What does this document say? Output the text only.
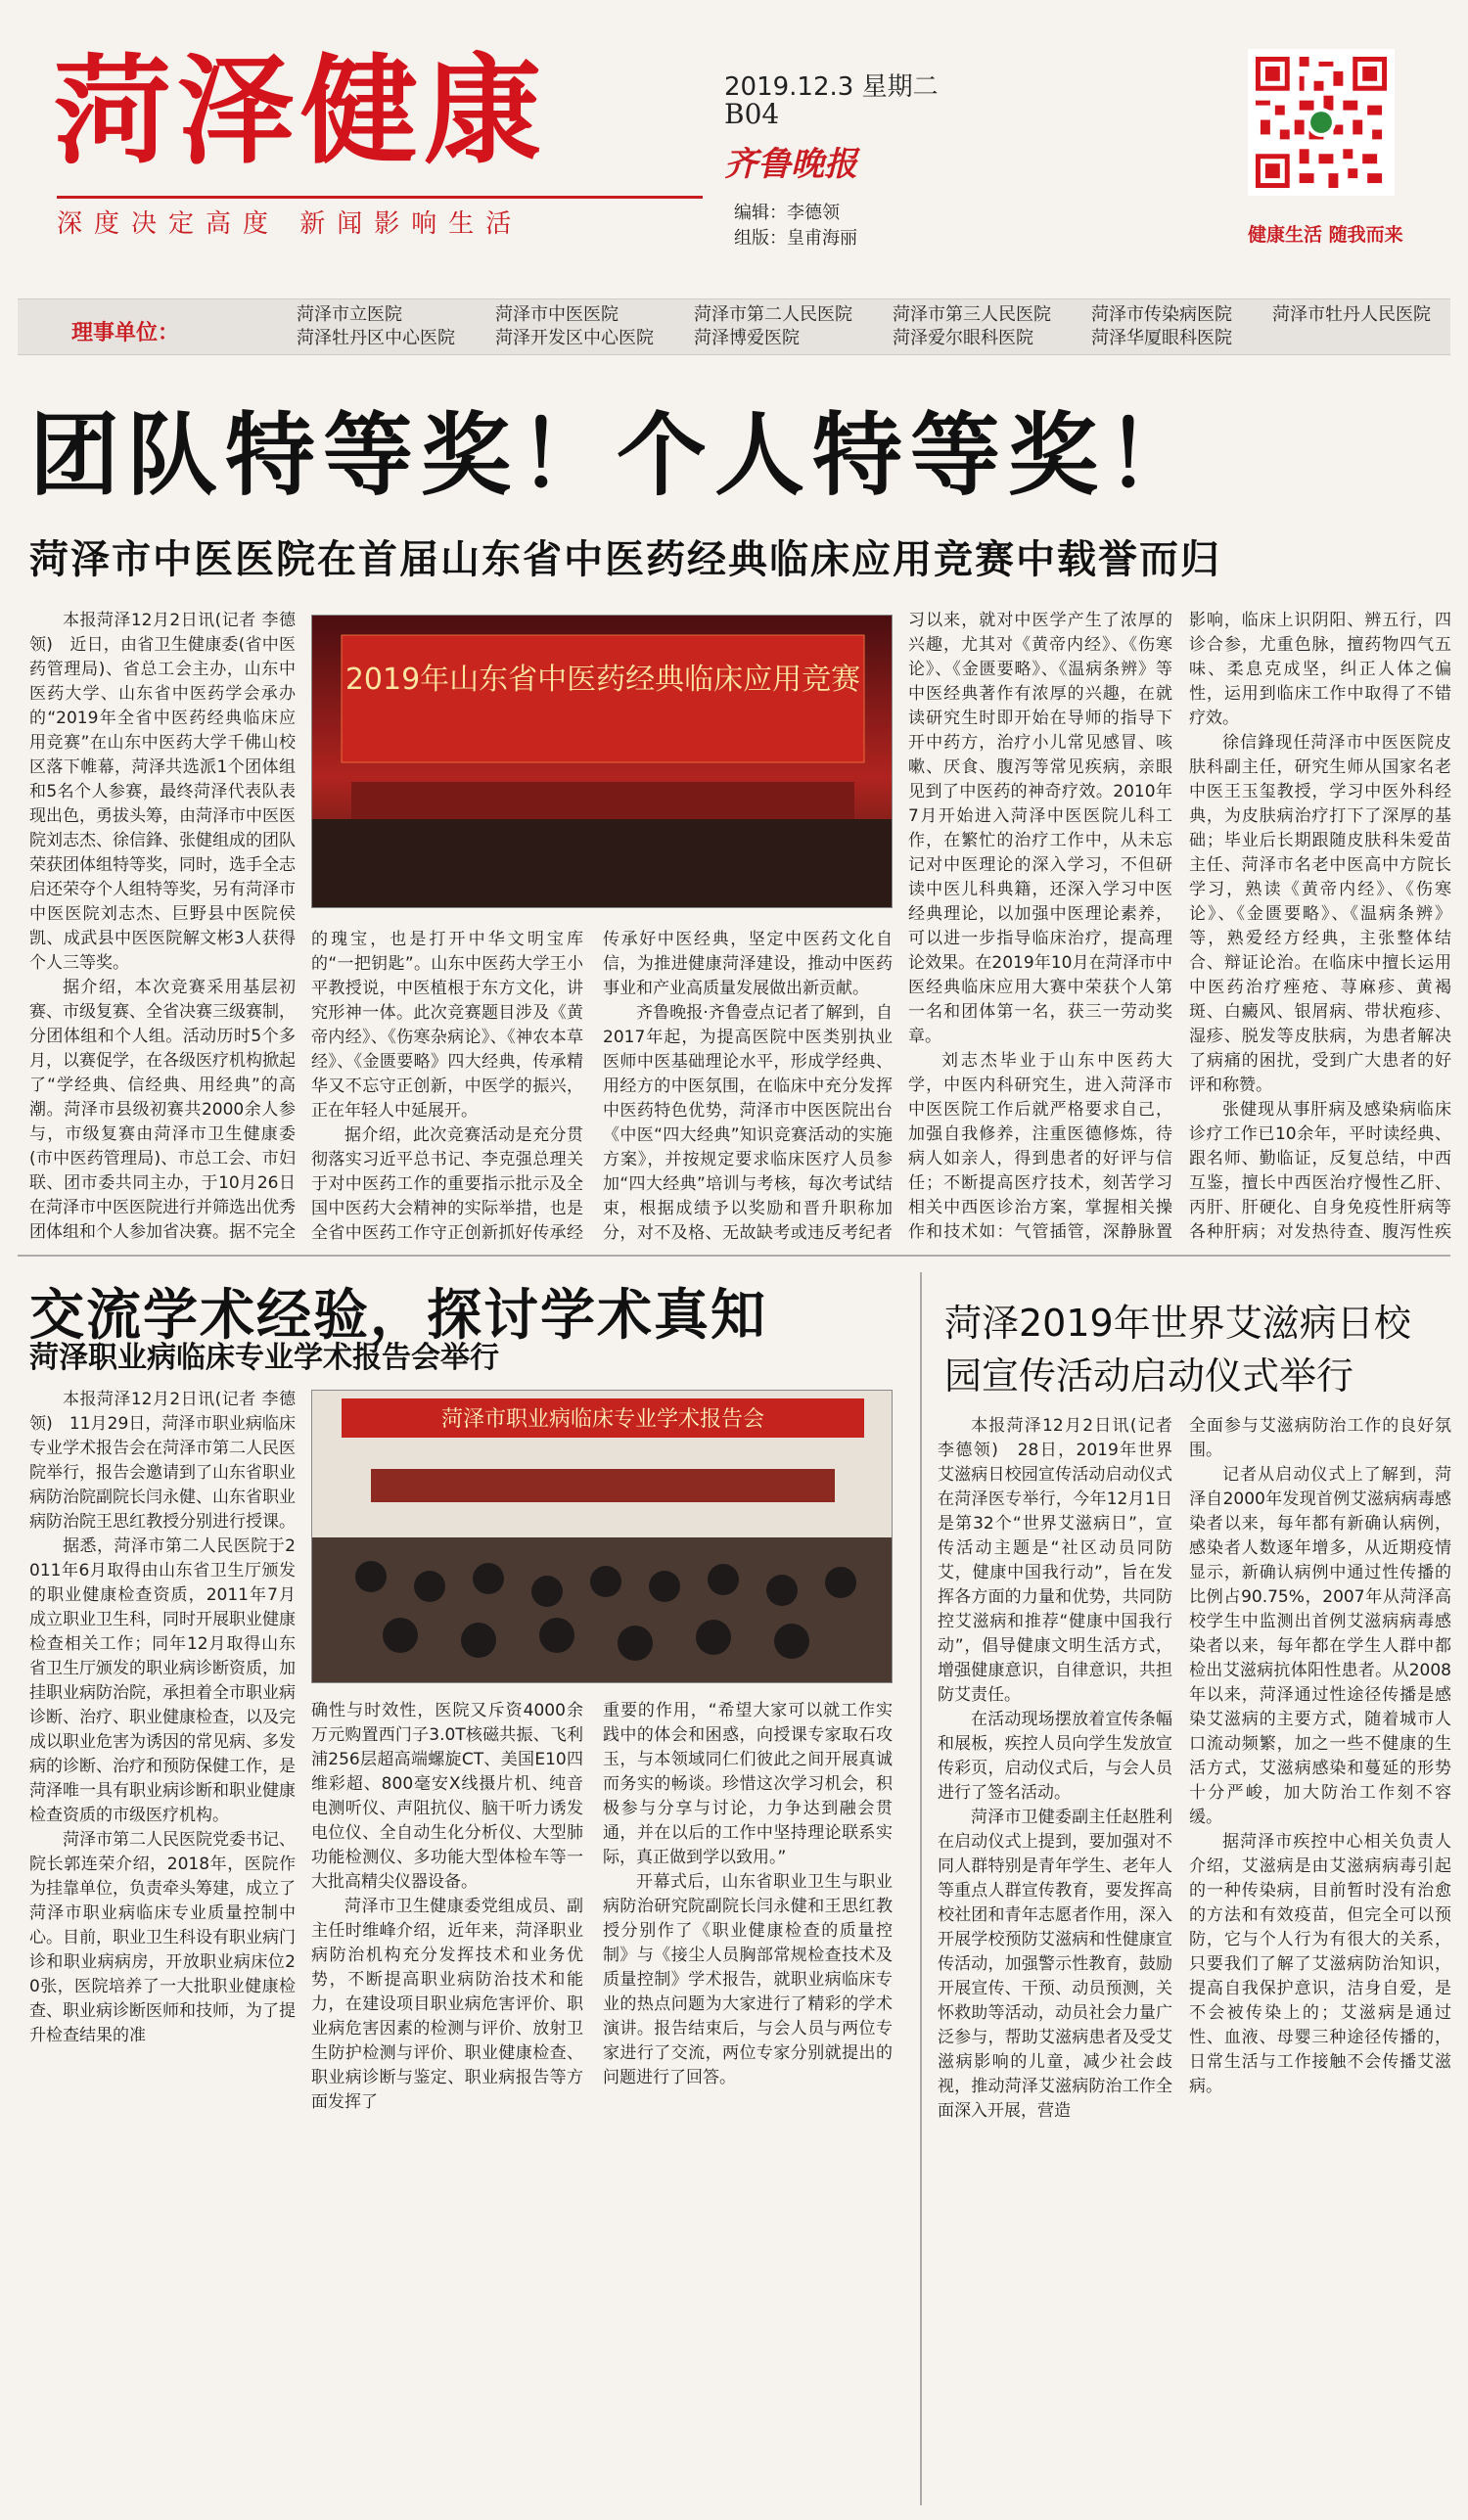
菏泽健康
深度决定高度 新闻影响生活
2019.12.3 星期二
B04
齐鲁晚报
编辑：李德领
组版：皇甫海丽	健康生活 随我而来
理事单位：
菏泽市立医院	菏泽市中医医院	菏泽市第二人民医院	菏泽市第三人民医院	菏泽市传染病医院	菏泽市牡丹人民医院
菏泽牡丹区中心医院	菏泽开发区中心医院	菏泽博爱医院	菏泽爱尔眼科医院	菏泽华厦眼科医院
团队特等奖！个人特等奖！
菏泽市中医医院在首届山东省中医药经典临床应用竞赛中载誉而归

本报菏泽12月2日讯(记者 李德领)　近日，由省卫生健康委(省中医药管理局)、省总工会主办，山东中医药大学、山东省中医药学会承办的“2019年全省中医药经典临床应用竞赛”在山东中医药大学千佛山校区落下帷幕，菏泽共选派1个团体组和5名个人参赛，最终菏泽代表队表现出色，勇拔头筹，由菏泽市中医医院刘志杰、徐信鋒、张健组成的团队荣获团体组特等奖，同时，选手全志启还荣夺个人组特等奖，另有菏泽市中医医院刘志杰、巨野县中医院侯凯、成武县中医医院解文彬3人获得个人三等奖。

据介绍，本次竞赛采用基层初赛、市级复赛、全省决赛三级赛制，分团体组和个人组。活动历时5个多月，以赛促学，在各级医疗机构掀起了“学经典、信经典、用经典”的高潮。菏泽市县级初赛共2000余人参与，市级复赛由菏泽市卫生健康委(市中医药管理局)、市总工会、市妇联、团市委共同主办，于10月26日在菏泽市中医医院进行并筛选出优秀团体组和个人参加省决赛。据不完全

2019年山东省中医药经典临床应用竞赛

的瑰宝，也是打开中华文明宝库的“一把钥匙”。山东中医药大学王小平教授说，中医植根于东方文化，讲究形神一体。此次竞赛题目涉及《黄帝内经》、《伤寒杂病论》、《神农本草经》、《金匮要略》四大经典，传承精华又不忘守正创新，中医学的振兴，正在年轻人中延展开。

据介绍，此次竞赛活动是充分贯彻落实习近平总书记、李克强总理关于对中医药工作的重要指示批示及全国中医药大会精神的实际举措，也是全省中医药工作守正创新抓好传承经

传承好中医经典，坚定中医药文化自信，为推进健康菏泽建设，推动中医药事业和产业高质量发展做出新贡献。

齐鲁晚报·齐鲁壹点记者了解到，自2017年起，为提高医院中医类别执业医师中医基础理论水平，形成学经典、用经方的中医氛围，在临床中充分发挥中医药特色优势，菏泽市中医医院出台《中医“四大经典”知识竞赛活动的实施方案》，并按规定要求临床医疗人员参加“四大经典”培训与考核，每次考试结束，根据成绩予以奖励和晋升职称加分，对不及格、无故缺考或违反考纪者

习以来，就对中医学产生了浓厚的兴趣，尤其对《黄帝内经》、《伤寒论》、《金匮要略》、《温病条辨》等中医经典著作有浓厚的兴趣，在就读研究生时即开始在导师的指导下开中药方，治疗小儿常见感冒、咳嗽、厌食、腹泻等常见疾病，亲眼见到了中医药的神奇疗效。2010年7月开始进入菏泽中医医院儿科工作，在繁忙的治疗工作中，从未忘记对中医理论的深入学习，不但研读中医儿科典籍，还深入学习中医经典理论，以加强中医理论素养，可以进一步指导临床治疗，提高理论效果。在2019年10月在菏泽市中医经典临床应用大赛中荣获个人第一名和团体第一名，获三一劳动奖章。

刘志杰毕业于山东中医药大学，中医内科研究生，进入菏泽市中医医院工作后就严格要求自己，加强自我修养，注重医德修炼，待病人如亲人，得到患者的好评与信任；不断提高医疗技术，刻苦学习相关中西医诊治方案，掌握相关操作和技术如：气管插管，深静脉置

影响，临床上识阴阳、辨五行，四诊合参，尤重色脉，擅药物四气五味、柔息克成坚，纠正人体之偏性，运用到临床工作中取得了不错疗效。

徐信鋒现任菏泽市中医医院皮肤科副主任，研究生师从国家名老中医王玉玺教授，学习中医外科经典，为皮肤病治疗打下了深厚的基础；毕业后长期跟随皮肤科朱爱苗主任、菏泽市名老中医高中方院长学习，熟读《黄帝内经》、《伤寒论》、《金匮要略》、《温病条辨》等，熟爱经方经典，主张整体结合、辩证论治。在临床中擅长运用中医药治疗痤疮、荨麻疹、黄褐斑、白癜风、银屑病、带状疱疹、湿疹、脱发等皮肤病，为患者解决了病痛的困扰，受到广大患者的好评和称赞。

张健现从事肝病及感染病临床诊疗工作已10余年，平时读经典、跟名师、勤临证，反复总结，中西互鉴，擅长中西医治疗慢性乙肝、丙肝、肝硬化、自身免疫性肝病等各种肝病；对发热待查、腹泻性疾

交流学术经验，探讨学术真知
菏泽职业病临床专业学术报告会举行

本报菏泽12月2日讯(记者 李德领)　11月29日，菏泽市职业病临床专业学术报告会在菏泽市第二人民医院举行，报告会邀请到了山东省职业病防治院副院长闫永健、山东省职业病防治院王思红教授分别进行授课。

据悉，菏泽市第二人民医院于2011年6月取得由山东省卫生厅颁发的职业健康检查资质，2011年7月成立职业卫生科，同时开展职业健康检查相关工作；同年12月取得山东省卫生厅颁发的职业病诊断资质，加挂职业病防治院，承担着全市职业病诊断、治疗、职业健康检查，以及完成以职业危害为诱因的常见病、多发病的诊断、治疗和预防保健工作，是菏泽唯一具有职业病诊断和职业健康检查资质的市级医疗机构。

菏泽市第二人民医院党委书记、院长郭连荣介绍，2018年，医院作为挂靠单位，负责牵头筹建，成立了菏泽市职业病临床专业质量控制中心。目前，职业卫生科设有职业病门诊和职业病病房，开放职业病床位20张，医院培养了一大批职业健康检查、职业病诊断医师和技师，为了提升检查结果的准

菏泽市职业病临床专业学术报告会

确性与时效性，医院又斥资4000余万元购置西门子3.0T核磁共振、飞利浦256层超高端螺旋CT、美国E10四维彩超、800毫安X线摄片机、纯音电测听仪、声阻抗仪、脑干听力诱发电位仪、全自动生化分析仪、大型肺功能检测仪、多功能大型体检车等一大批高精尖仪器设备。

菏泽市卫生健康委党组成员、副主任时维峰介绍，近年来，菏泽职业病防治机构充分发挥技术和业务优势，不断提高职业病防治技术和能力，在建设项目职业病危害评价、职业病危害因素的检测与评价、放射卫生防护检测与评价、职业健康检查、职业病诊断与鉴定、职业病报告等方面发挥了

重要的作用，“希望大家可以就工作实践中的体会和困惑，向授课专家取石攻玉，与本领域同仁们彼此之间开展真诚而务实的畅谈。珍惜这次学习机会，积极参与分享与讨论，力争达到融会贯通，并在以后的工作中坚持理论联系实际，真正做到学以致用。”

开幕式后，山东省职业卫生与职业病防治研究院副院长闫永健和王思红教授分别作了《职业健康检查的质量控制》与《接尘人员胸部常规检查技术及质量控制》学术报告，就职业病临床专业的热点问题为大家进行了精彩的学术演讲。报告结束后，与会人员与两位专家进行了交流，两位专家分别就提出的问题进行了回答。

菏泽2019年世界艾滋病日校园宣传活动启动仪式举行

本报菏泽12月2日讯(记者 李德领)　28日，2019年世界艾滋病日校园宣传活动启动仪式在菏泽医专举行，今年12月1日是第32个“世界艾滋病日”，宣传活动主题是“社区动员同防艾，健康中国我行动”，旨在发挥各方面的力量和优势，共同防控艾滋病和推荐“健康中国我行动”，倡导健康文明生活方式，增强健康意识，自律意识，共担防艾责任。

在活动现场摆放着宣传条幅和展板，疾控人员向学生发放宣传彩页，启动仪式后，与会人员进行了签名活动。

菏泽市卫健委副主任赵胜利在启动仪式上提到，要加强对不同人群特别是青年学生、老年人等重点人群宣传教育，要发挥高校社团和青年志愿者作用，深入开展学校预防艾滋病和性健康宣传活动，加强警示性教育，鼓励开展宣传、干预、动员预测，关怀救助等活动，动员社会力量广泛参与，帮助艾滋病患者及受艾滋病影响的儿童，减少社会歧视，推动菏泽艾滋病防治工作全面深入开展，营造

全面参与艾滋病防治工作的良好氛围。

记者从启动仪式上了解到，菏泽自2000年发现首例艾滋病病毒感染者以来，每年都有新确认病例，感染者人数逐年增多，从近期疫情显示，新确认病例中通过性传播的比例占90.75%，2007年从菏泽高校学生中监测出首例艾滋病病毒感染者以来，每年都在学生人群中都检出艾滋病抗体阳性患者。从2008年以来，菏泽通过性途径传播是感染艾滋病的主要方式，随着城市人口流动频繁，加之一些不健康的生活方式，艾滋病感染和蔓延的形势十分严峻，加大防治工作刻不容缓。

据菏泽市疾控中心相关负责人介绍，艾滋病是由艾滋病病毒引起的一种传染病，目前暂时没有治愈的方法和有效疫苗，但完全可以预防，它与个人行为有很大的关系，只要我们了解了艾滋病防治知识，提高自我保护意识，洁身自爱，是不会被传染上的；艾滋病是通过性、血液、母婴三种途径传播的，日常生活与工作接触不会传播艾滋病。
